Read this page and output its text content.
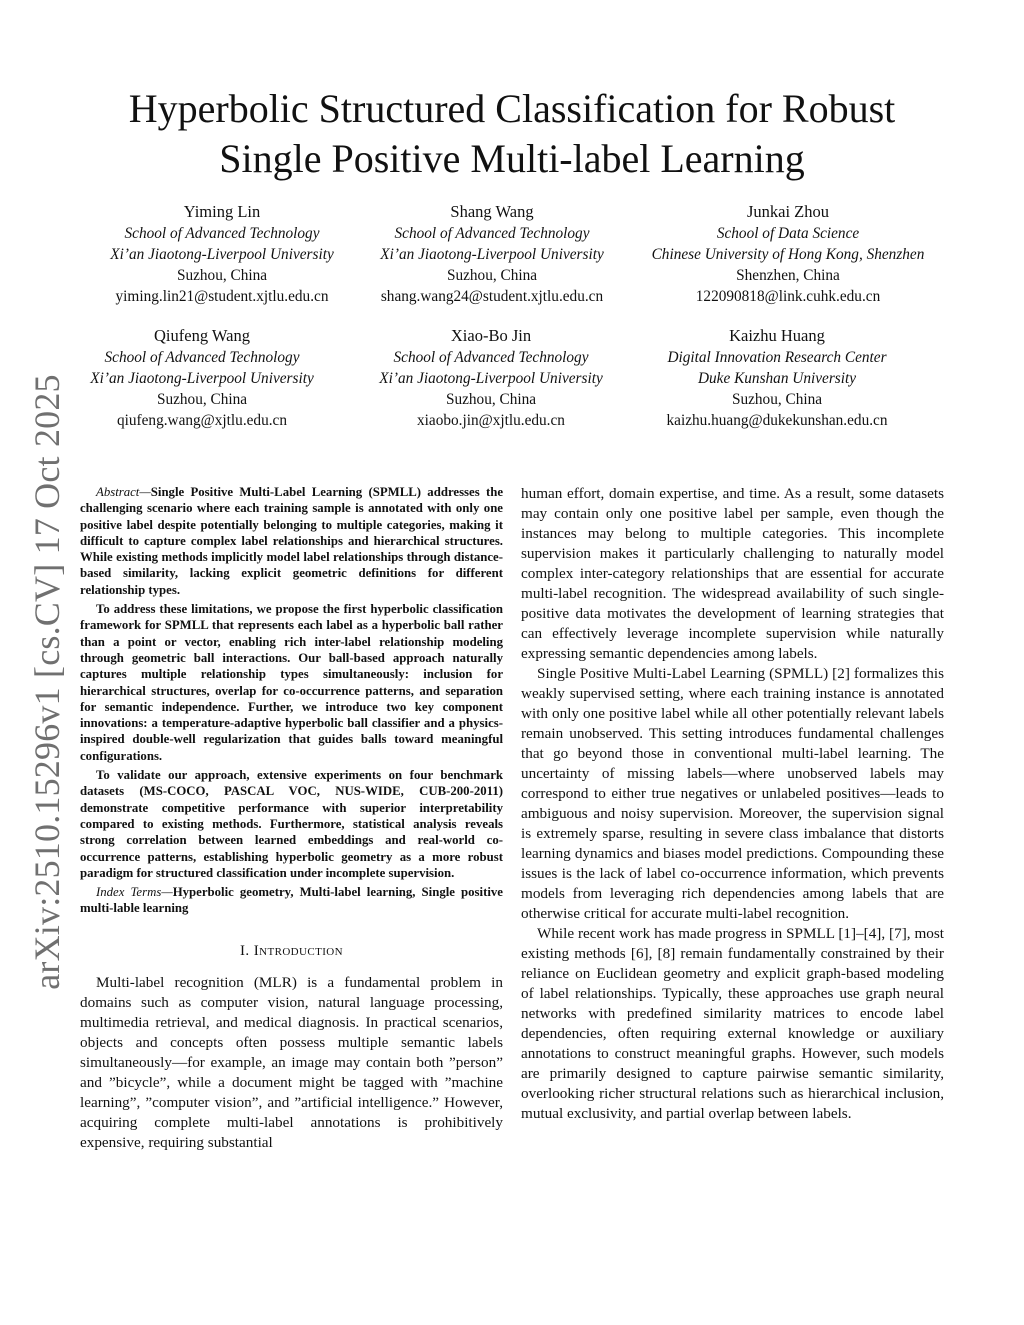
arXiv:2510.15296v1 [cs.CV] 17 Oct 2025
Hyperbolic Structured Classification for Robust
Single Positive Multi-label Learning
Yiming Lin
School of Advanced Technology
Xi’an Jiaotong-Liverpool University
Suzhou, China
yiming.lin21@student.xjtlu.edu.cn
Shang Wang
School of Advanced Technology
Xi’an Jiaotong-Liverpool University
Suzhou, China
shang.wang24@student.xjtlu.edu.cn
Junkai Zhou
School of Data Science
Chinese University of Hong Kong, Shenzhen
Shenzhen, China
122090818@link.cuhk.edu.cn
Qiufeng Wang
School of Advanced Technology
Xi’an Jiaotong-Liverpool University
Suzhou, China
qiufeng.wang@xjtlu.edu.cn
Xiao-Bo Jin
School of Advanced Technology
Xi’an Jiaotong-Liverpool University
Suzhou, China
xiaobo.jin@xjtlu.edu.cn
Kaizhu Huang
Digital Innovation Research Center
Duke Kunshan University
Suzhou, China
kaizhu.huang@dukekunshan.edu.cn

Abstract—Single Positive Multi-Label Learning (SPMLL) addresses the challenging scenario where each training sample is annotated with only one positive label despite potentially belonging to multiple categories, making it difficult to capture complex label relationships and hierarchical structures. While existing methods implicitly model label relationships through distance-based similarity, lacking explicit geometric definitions for different relationship types.

To address these limitations, we propose the first hyperbolic classification framework for SPMLL that represents each label as a hyperbolic ball rather than a point or vector, enabling rich inter-label relationship modeling through geometric ball interactions. Our ball-based approach naturally captures multiple relationship types simultaneously: inclusion for hierarchical structures, overlap for co-occurrence patterns, and separation for semantic independence. Further, we introduce two key component innovations: a temperature-adaptive hyperbolic ball classifier and a physics-inspired double-well regularization that guides balls toward meaningful configurations.

To validate our approach, extensive experiments on four benchmark datasets (MS-COCO, PASCAL VOC, NUS-WIDE, CUB-200-2011) demonstrate competitive performance with superior interpretability compared to existing methods. Furthermore, statistical analysis reveals strong correlation between learned embeddings and real-world co-occurrence patterns, establishing hyperbolic geometry as a more robust paradigm for structured classification under incomplete supervision.

Index Terms—Hyperbolic geometry, Multi-label learning, Single positive multi-lable learning

I. Introduction

Multi-label recognition (MLR) is a fundamental problem in domains such as computer vision, natural language processing, multimedia retrieval, and medical diagnosis. In practical scenarios, objects and concepts often possess multiple semantic labels simultaneously—for example, an image may contain both ”person” and ”bicycle”, while a document might be tagged with ”machine learning”, ”computer vision”, and ”artificial intelligence.” However, acquiring complete multi-label annotations is prohibitively expensive, requiring substantial

human effort, domain expertise, and time. As a result, some datasets may contain only one positive label per sample, even though the instances may belong to multiple categories. This incomplete supervision makes it particularly challenging to naturally model complex inter-category relationships that are essential for accurate multi-label recognition. The widespread availability of such single-positive data motivates the development of learning strategies that can effectively leverage incomplete supervision while naturally expressing semantic dependencies among labels.

Single Positive Multi-Label Learning (SPMLL) [2] formalizes this weakly supervised setting, where each training instance is annotated with only one positive label while all other potentially relevant labels remain unobserved. This setting introduces fundamental challenges that go beyond those in conventional multi-label learning. The uncertainty of missing labels—where unobserved labels may correspond to either true negatives or unlabeled positives—leads to ambiguous and noisy supervision. Moreover, the supervision signal is extremely sparse, resulting in severe class imbalance that distorts learning dynamics and biases model predictions. Compounding these issues is the lack of label co-occurrence information, which prevents models from leveraging rich dependencies among labels that are otherwise critical for accurate multi-label recognition.

While recent work has made progress in SPMLL [1]–[4], [7], most existing methods [6], [8] remain fundamentally constrained by their reliance on Euclidean geometry and explicit graph-based modeling of label relationships. Typically, these approaches use graph neural networks with predefined similarity matrices to encode label dependencies, often requiring external knowledge or auxiliary annotations to construct meaningful graphs. However, such models are primarily designed to capture pairwise semantic similarity, overlooking richer structural relations such as hierarchical inclusion, mutual exclusivity, and partial overlap between labels.
